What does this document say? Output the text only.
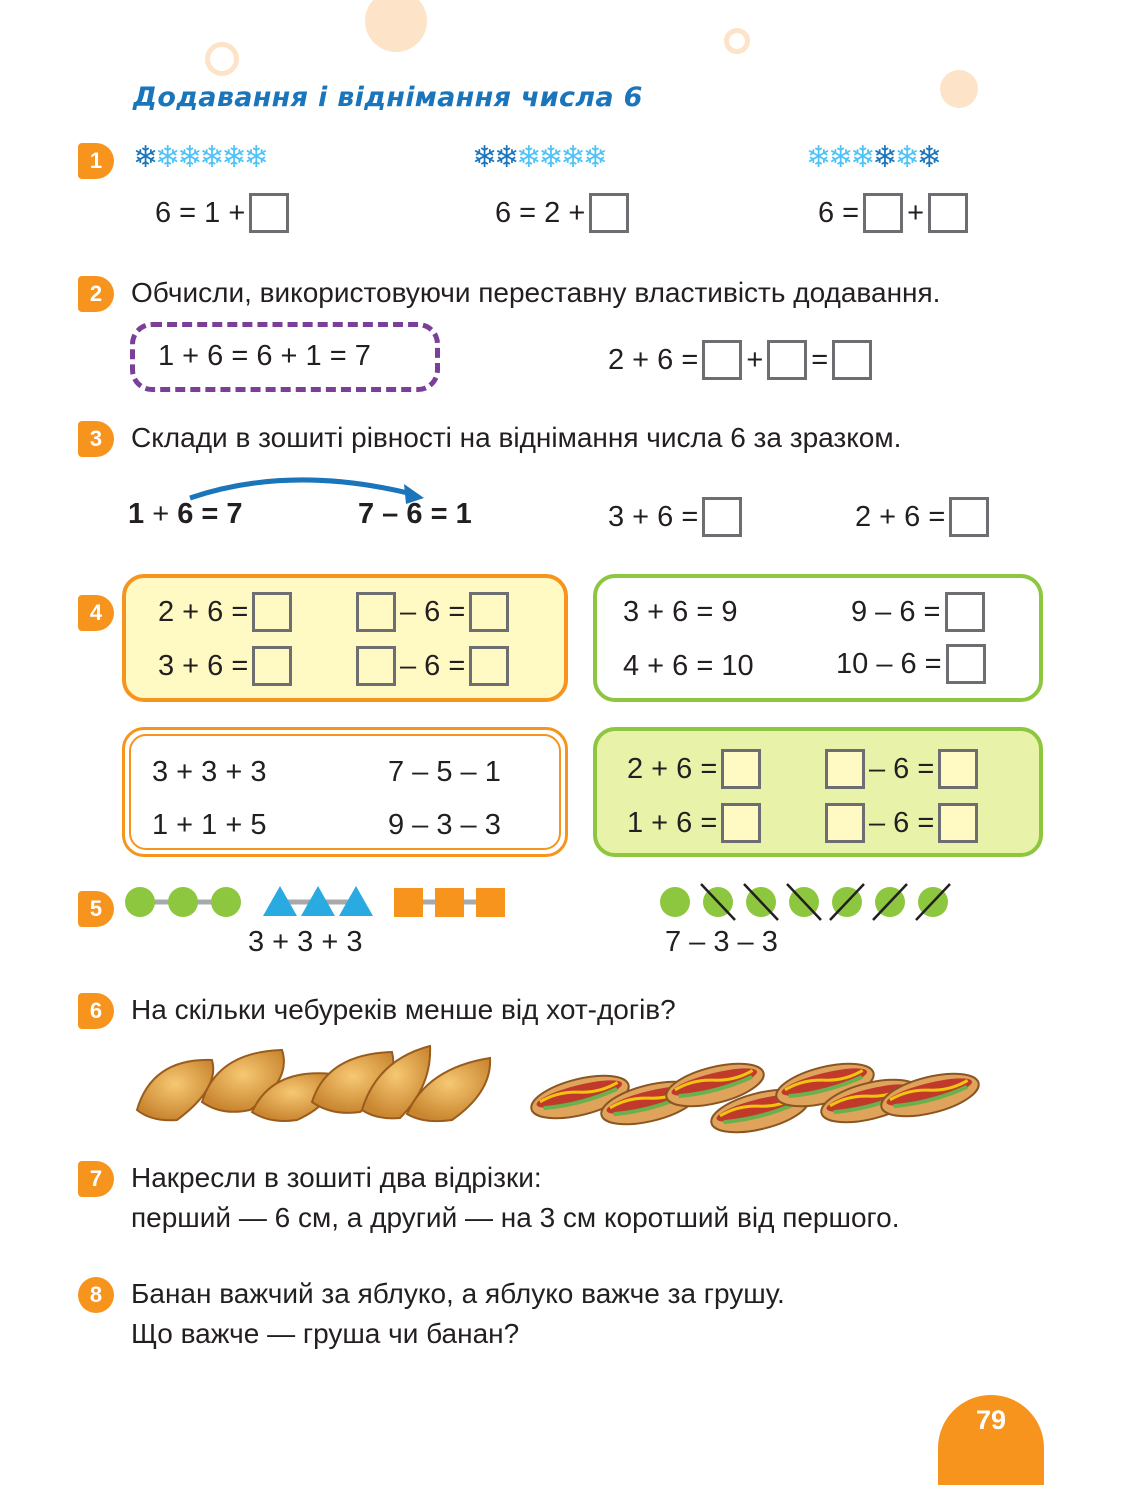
Додавання і віднімання числа 6
1	❄❄❄❄❄❄	❄❄❄❄❄❄	❄❄❄❄❄❄
6 = 1 +	6 = 2 +	6 = +
2	Обчисли, використовуючи переставну властивість додавання.
1 + 6 = 6 + 1 = 7	2 + 6 = + =
3	Склади в зошиті рівності на віднімання числа 6 за зразком.
1 + 6 = 7	7 – 6 = 1	3 + 6 =	2 + 6 =
4	2 + 6 =	– 6 =
3 + 6 =	– 6 =
3 + 6 = 9	9 – 6 =
4 + 6 = 10	10 – 6 =
3 + 3 + 3	7 – 5 – 1
1 + 1 + 5	9 – 3 – 3
2 + 6 =	– 6 =
1 + 6 =	– 6 =
5
3 + 3 + 3	7 – 3 – 3
6	На скільки чебуреків менше від хот-догів?
7	Накресли в зошиті два відрізки:
перший — 6 см, а другий — на 3 см коротший від першого.
8	Банан важчий за яблуко, а яблуко важче за грушу.
Що важче — груша чи банан?
79
